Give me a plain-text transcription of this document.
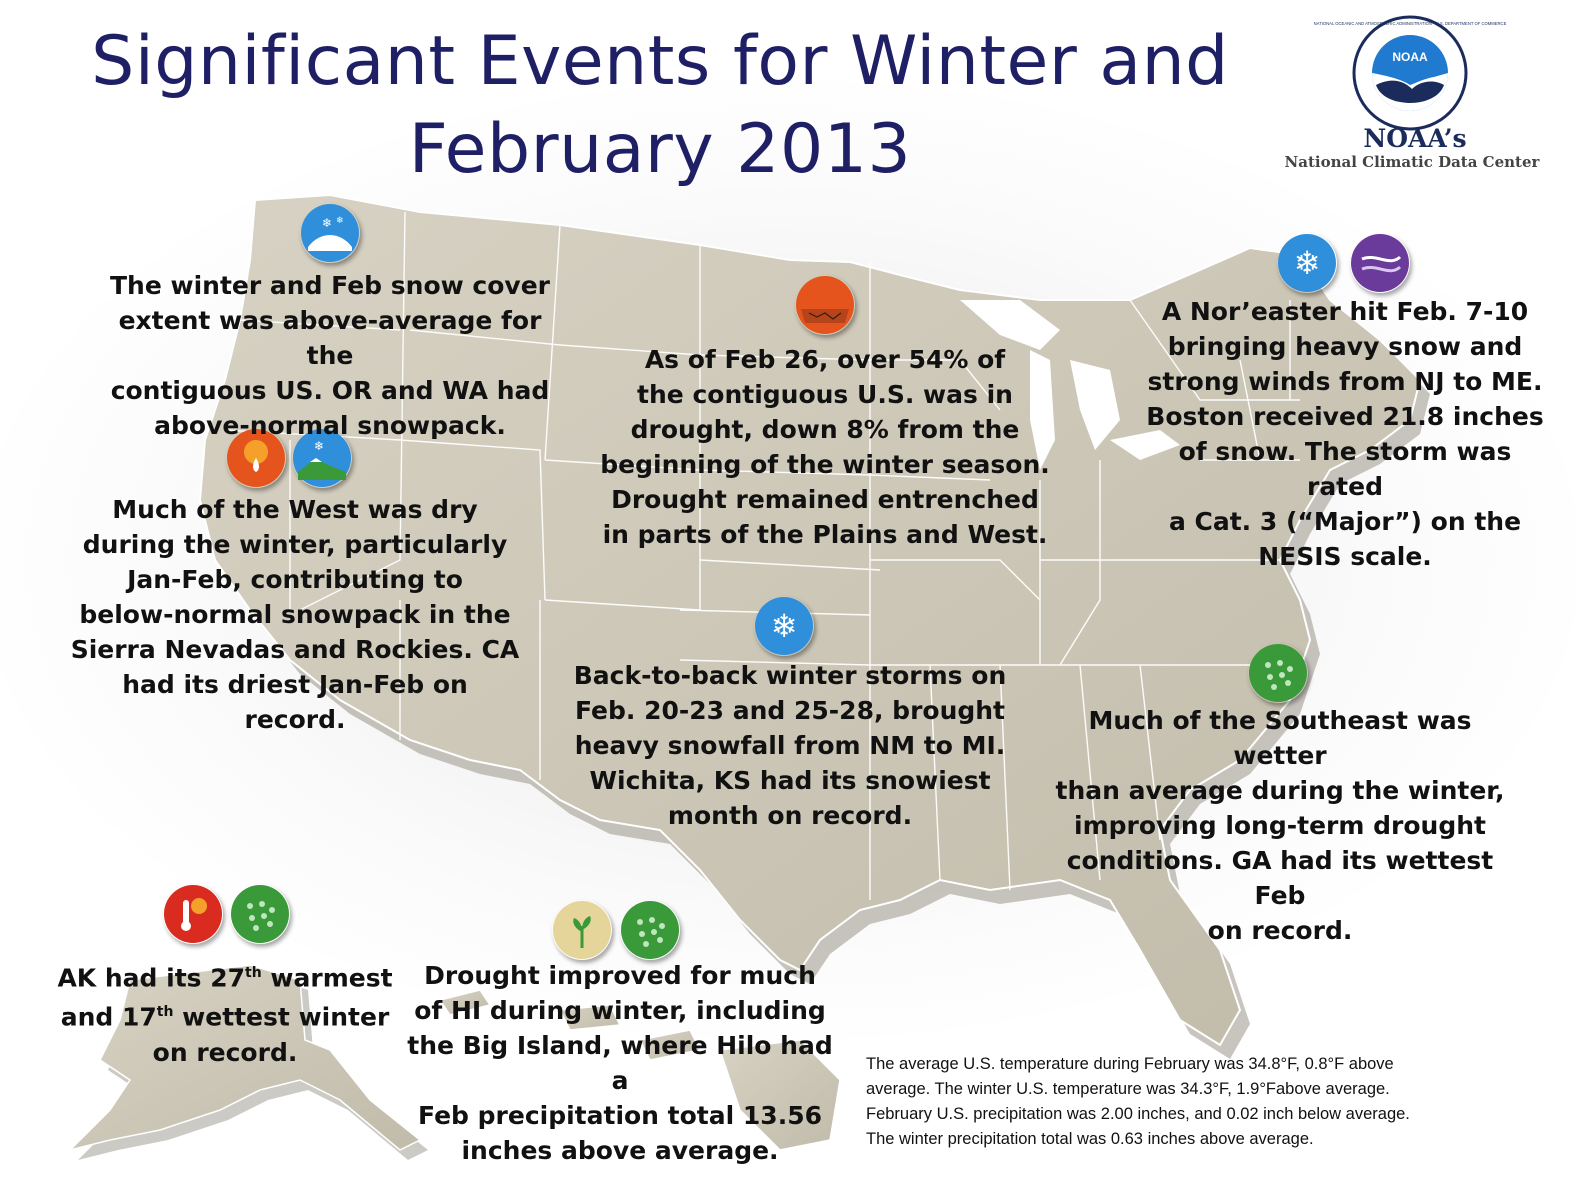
Significant Events for Winter and
February 2013
NOAA
NATIONAL OCEANIC AND ATMOSPHERIC ADMINISTRATION · U.S. DEPARTMENT OF COMMERCE
NOAA’s
National Climatic Data Center
❄ ❄
❄
❄
❄
The winter and Feb snow cover
extent was above-average for the
contiguous US. OR and WA had
above-normal snowpack.
Much of the West was dry
during the winter, particularly
Jan-Feb, contributing to
below-normal snowpack in the
Sierra Nevadas and Rockies. CA
had its driest Jan-Feb on record.
As of Feb 26, over 54% of
the contiguous U.S. was in
drought, down 8% from the
beginning of the winter season.
Drought remained entrenched
in parts of the Plains and West.
A Nor’easter hit Feb. 7-10
bringing heavy snow and
strong winds from NJ to ME.
Boston received 21.8 inches
of snow. The storm was rated
a Cat. 3 (“Major”) on the
NESIS scale.
Back-to-back winter storms on
Feb. 20-23 and 25-28, brought
heavy snowfall from NM to MI.
Wichita, KS had its snowiest
month on record.
Much of the Southeast was wetter
than average during the winter,
improving long-term drought
conditions. GA had its wettest Feb
on record.
AK had its 27th warmest
and 17th wettest winter
on record.
Drought improved for much
of HI during winter, including
the Big Island, where Hilo had a
Feb precipitation total 13.56
inches above average.
The average U.S. temperature during February was 34.8°F, 0.8°F above
average. The winter U.S. temperature was 34.3°F, 1.9°Fabove average.
February U.S. precipitation was 2.00 inches, and 0.02 inch below average.
The winter precipitation total was 0.63 inches above average.
